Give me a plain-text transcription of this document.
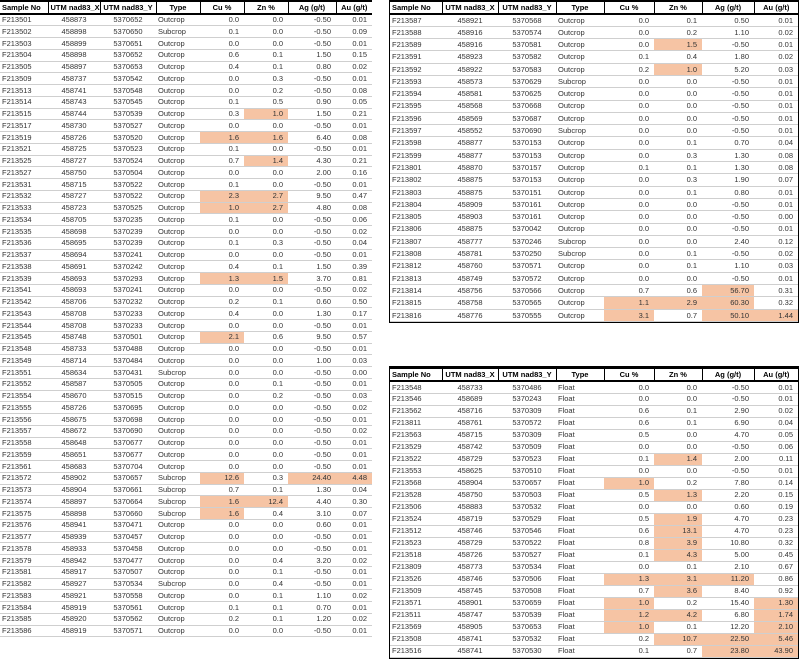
Sample No	UTM nad83_X	UTM nad83_Y	Type	Cu %	Zn %	Ag (g/t)	Au (g/t)
F213501	458873	5370652	Outcrop	0.0	0.0	-0.50	0.01
F213502	458898	5370650	Subcrop	0.1	0.0	-0.50	0.09
F213503	458899	5370651	Outcrop	0.0	0.0	-0.50	0.01
F213504	458898	5370652	Outcrop	0.6	0.1	1.50	0.15
F213505	458897	5370653	Outcrop	0.4	0.1	0.80	0.02
F213509	458737	5370542	Outcrop	0.0	0.3	-0.50	0.01
F213513	458741	5370548	Outcrop	0.0	0.2	-0.50	0.08
F213514	458743	5370545	Outcrop	0.1	0.5	0.90	0.05
F213515	458744	5370539	Outcrop	0.3	1.0	1.50	0.21
F213517	458730	5370527	Outcrop	0.0	0.0	-0.50	0.01
F213519	458726	5370520	Outcrop	1.6	1.6	6.40	0.08
F213521	458725	5370523	Outcrop	0.1	0.0	-0.50	0.01
F213525	458727	5370524	Outcrop	0.7	1.4	4.30	0.21
F213527	458750	5370504	Outcrop	0.0	0.0	2.00	0.16
F213531	458715	5370522	Outcrop	0.1	0.0	-0.50	0.01
F213532	458727	5370522	Outcrop	2.3	2.7	9.50	0.47
F213533	458723	5370525	Outcrop	1.0	2.7	4.80	0.08
F213534	458705	5370235	Outcrop	0.1	0.0	-0.50	0.06
F213535	458698	5370239	Outcrop	0.0	0.0	-0.50	0.02
F213536	458695	5370239	Outcrop	0.1	0.3	-0.50	0.04
F213537	458694	5370241	Outcrop	0.0	0.0	-0.50	0.01
F213538	458691	5370242	Outcrop	0.4	0.1	1.50	0.39
F213539	458693	5370293	Outcrop	1.3	1.5	3.70	0.81
F213541	458693	5370241	Outcrop	0.0	0.0	-0.50	0.02
F213542	458706	5370232	Outcrop	0.2	0.1	0.60	0.50
F213543	458708	5370233	Outcrop	0.4	0.0	1.30	0.17
F213544	458708	5370233	Outcrop	0.0	0.0	-0.50	0.01
F213545	458748	5370501	Outcrop	2.1	0.6	9.50	0.57
F213548	458733	5370488	Outcrop	0.0	0.0	-0.50	0.01
F213549	458714	5370484	Outcrop	0.0	0.0	1.00	0.03
F213551	458634	5370431	Subcrop	0.0	0.0	-0.50	0.00
F213552	458587	5370505	Outcrop	0.0	0.1	-0.50	0.01
F213554	458670	5370515	Outcrop	0.0	0.2	-0.50	0.03
F213555	458726	5370695	Outcrop	0.0	0.0	-0.50	0.02
F213556	458675	5370698	Outcrop	0.0	0.0	-0.50	0.01
F213557	458672	5370690	Outcrop	0.0	0.0	-0.50	0.02
F213558	458648	5370677	Outcrop	0.0	0.0	-0.50	0.01
F213559	458651	5370677	Outcrop	0.0	0.0	-0.50	0.01
F213561	458683	5370704	Outcrop	0.0	0.0	-0.50	0.01
F213572	458902	5370657	Subcrop	12.6	0.3	24.40	4.48
F213573	458904	5370661	Subcrop	0.7	0.1	1.30	0.04
F213574	458897	5370664	Subcrop	1.6	12.4	4.40	0.30
F213575	458898	5370660	Subcrop	1.6	0.4	3.10	0.07
F213576	458941	5370471	Outcrop	0.0	0.0	0.60	0.01
F213577	458939	5370457	Outcrop	0.0	0.0	-0.50	0.01
F213578	458933	5370458	Outcrop	0.0	0.0	-0.50	0.01
F213579	458942	5370477	Outcrop	0.0	0.4	3.20	0.02
F213581	458917	5370507	Outcrop	0.0	0.1	-0.50	0.01
F213582	458927	5370534	Subcrop	0.0	0.4	-0.50	0.01
F213583	458921	5370558	Outcrop	0.0	0.1	1.10	0.02
F213584	458919	5370561	Outcrop	0.1	0.1	0.70	0.01
F213585	458920	5370562	Outcrop	0.2	0.1	1.20	0.02
F213586	458919	5370571	Outcrop	0.0	0.0	-0.50	0.01
Sample No	UTM nad83_X	UTM nad83_Y	Type	Cu %	Zn %	Ag (g/t)	Au (g/t)
F213587	458921	5370568	Outcrop	0.0	0.1	0.50	0.01
F213588	458916	5370574	Outcrop	0.0	0.2	1.10	0.02
F213589	458916	5370581	Outcrop	0.0	1.5	-0.50	0.01
F213591	458923	5370582	Outcrop	0.1	0.4	1.80	0.02
F213592	458922	5370583	Outcrop	0.2	1.0	5.20	0.03
F213593	458573	5370629	Subcrop	0.0	0.0	-0.50	0.01
F213594	458581	5370625	Outcrop	0.0	0.0	-0.50	0.01
F213595	458568	5370668	Outcrop	0.0	0.0	-0.50	0.01
F213596	458569	5370687	Outcrop	0.0	0.0	-0.50	0.01
F213597	458552	5370690	Subcrop	0.0	0.0	-0.50	0.01
F213598	458877	5370153	Outcrop	0.0	0.1	0.70	0.04
F213599	458877	5370153	Outcrop	0.0	0.3	1.30	0.08
F213801	458870	5370157	Outcrop	0.1	0.1	1.30	0.08
F213802	458875	5370153	Outcrop	0.0	0.3	1.90	0.07
F213803	458875	5370151	Outcrop	0.0	0.1	0.80	0.01
F213804	458909	5370161	Outcrop	0.0	0.0	-0.50	0.01
F213805	458903	5370161	Outcrop	0.0	0.0	-0.50	0.00
F213806	458875	5370042	Outcrop	0.0	0.0	-0.50	0.01
F213807	458777	5370246	Subcrop	0.0	0.0	2.40	0.12
F213808	458781	5370250	Subcrop	0.0	0.1	-0.50	0.02
F213812	458760	5370571	Outcrop	0.0	0.1	1.10	0.03
F213813	458749	5370572	Outcrop	0.0	0.0	-0.50	0.01
F213814	458756	5370566	Outcrop	0.7	0.6	56.70	0.31
F213815	458758	5370565	Outcrop	1.1	2.9	60.30	0.32
F213816	458776	5370555	Outcrop	3.1	0.7	50.10	1.44
Sample No	UTM nad83_X	UTM nad83_Y	Type	Cu %	Zn %	Ag (g/t)	Au (g/t)
F213548	458733	5370486	Float	0.0	0.0	-0.50	0.01
F213546	458689	5370243	Float	0.0	0.0	-0.50	0.01
F213562	458716	5370309	Float	0.6	0.1	2.90	0.02
F213811	458761	5370572	Float	0.6	0.1	6.90	0.04
F213563	458715	5370309	Float	0.5	0.0	4.70	0.05
F213529	458742	5370509	Float	0.0	0.0	-0.50	0.06
F213522	458729	5370523	Float	0.1	1.4	2.00	0.11
F213553	458625	5370510	Float	0.0	0.0	-0.50	0.01
F213568	458904	5370657	Float	1.0	0.2	7.80	0.14
F213528	458750	5370503	Float	0.5	1.3	2.20	0.15
F213506	458883	5370532	Float	0.0	0.0	0.60	0.19
F213524	458719	5370529	Float	0.5	1.9	4.70	0.23
F213512	458746	5370546	Float	0.6	13.1	4.70	0.23
F213523	458729	5370522	Float	0.8	3.9	10.80	0.32
F213518	458726	5370527	Float	0.1	4.3	5.00	0.45
F213809	458773	5370534	Float	0.0	0.1	2.10	0.67
F213526	458746	5370506	Float	1.3	3.1	11.20	0.86
F213509	458745	5370508	Float	0.7	3.6	8.40	0.92
F213571	458901	5370659	Float	1.0	0.2	15.40	1.30
F213511	458747	5370539	Float	1.2	4.2	6.80	1.74
F213569	458905	5370653	Float	1.0	0.1	12.20	2.10
F213508	458741	5370532	Float	0.2	10.7	22.50	5.46
F213516	458741	5370530	Float	0.1	0.7	23.80	43.90
